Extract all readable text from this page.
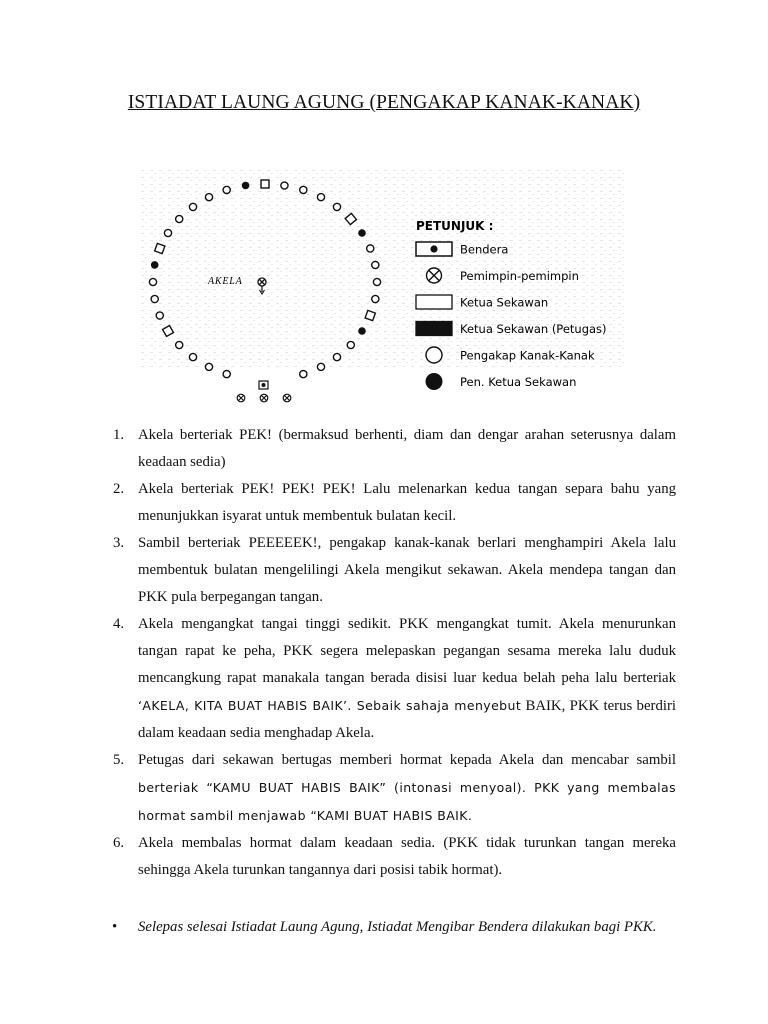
ISTIADAT LAUNG AGUNG (PENGAKAP KANAK-KANAK)
AKELA
PETUNJUK :
Bendera
Pemimpin-pemimpin
Ketua Sekawan
Ketua Sekawan (Petugas)
Pengakap Kanak-Kanak
Pen. Ketua Sekawan
1. Akela berteriak PEK! (bermaksud berhenti, diam dan dengar arahan seterusnya dalam keadaan sedia)
2. Akela berteriak PEK! PEK! PEK! Lalu melenarkan kedua tangan separa bahu yang menunjukkan isyarat untuk membentuk bulatan kecil.
3. Sambil berteriak PEEEEEK!, pengakap kanak-kanak berlari menghampiri Akela lalu membentuk bulatan mengelilingi Akela mengikut sekawan. Akela mendepa tangan dan PKK pula berpegangan tangan.
4. Akela mengangkat tangai tinggi sedikit. PKK mengangkat tumit. Akela menurunkan tangan rapat ke peha, PKK segera melepaskan pegangan sesama mereka lalu duduk mencangkung rapat manakala tangan berada disisi luar kedua belah peha lalu berteriak ‘AKELA, KITA BUAT HABIS BAIK’. Sebaik sahaja menyebut BAIK, PKK terus berdiri dalam keadaan sedia menghadap Akela.
5. Petugas dari sekawan bertugas memberi hormat kepada Akela dan mencabar sambil berteriak “KAMU BUAT HABIS BAIK” (intonasi menyoal). PKK yang membalas hormat sambil menjawab “KAMI BUAT HABIS BAIK.
6. Akela membalas hormat dalam keadaan sedia. (PKK tidak turunkan tangan mereka sehingga Akela turunkan tangannya dari posisi tabik hormat).
•	Selepas selesai Istiadat Laung Agung, Istiadat Mengibar Bendera dilakukan bagi PKK.
